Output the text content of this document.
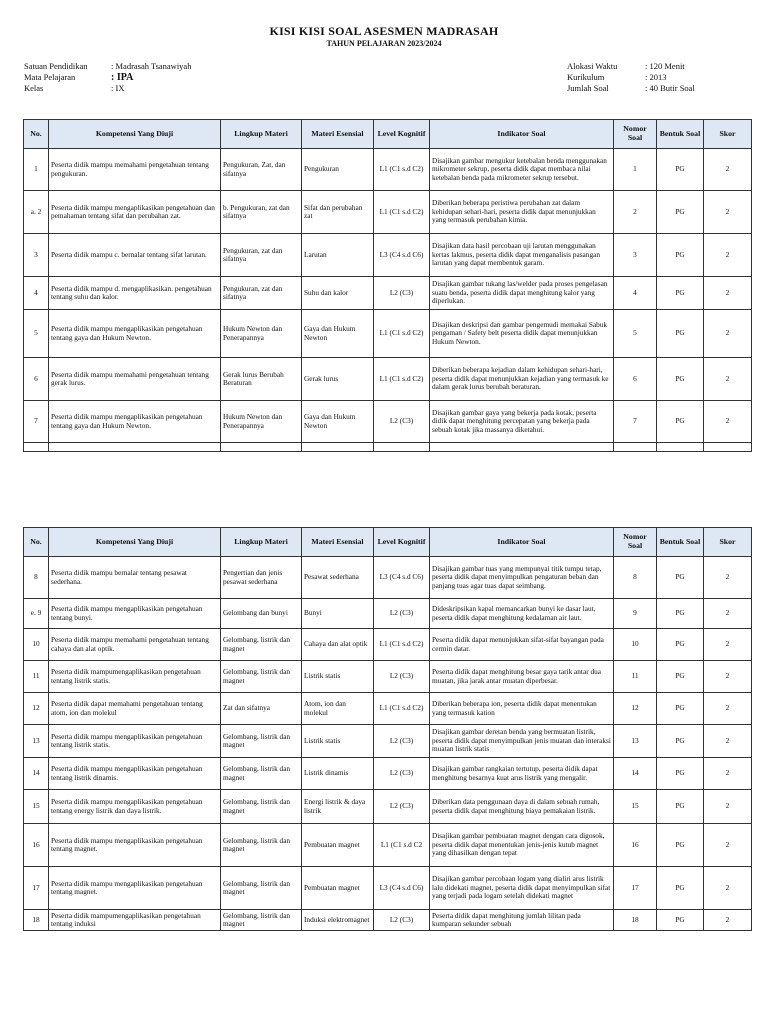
KISI KISI SOAL ASESMEN MADRASAH
TAHUN PELAJARAN 2023/2024
Satuan Pendidikan	: Madrasah Tsanawiyah
Mata Pelajaran	: IPA
Kelas	: IX
Alokasi Waktu	: 120 Menit
Kurikulum	: 2013
Jumlah Soal	: 40 Butir Soal
No.	Kompetensi Yang Diuji	Lingkup Materi	Materi Esensial	Level Kognitif	Indikator Soal	Nomor Soal	Bentuk Soal	Skor

1	Peserta didik mampu memahami pengetahuan tentang pengukuran.	Pengukuran, Zat, dan sifatnya	Pengukuran	L1 (C1 s.d C2)	Disajikan gambar mengukur ketebalan benda menggunakan mikrometer sekrup, peserta didik dapat membaca nilai ketebalan benda pada mikrometer sekrup tersebut.	1	PG	2

a. 2	Peserta didik mampu mengaplikasikan pengetahuan dan pemahaman tentang sifat dan perubahan zat.	b. Pengukuran, zat dan sifatnya	Sifat dan perubahan zat	L1 (C1 s.d C2)	Diberikan beberapa peristiwa perubahan zat dalam kehidupan sehari-hari, peserta didik dapat menunjukkan yang termasuk perubahan kimia.	2	PG	2

3	Peserta didik mampu c. bernalar tentang sifat larutan.	Pengukuran, zat dan sifatnya	Larutan	L3 (C4 s.d C6)	Disajikan data hasil percobaan uji larutan menggunakan kertas lakmus, peserta didik dapat menganalisis pasangan larutan yang dapat membentuk garam.	3	PG	2

4	Peserta didik mampu d. mengaplikasikan. pengetahuan tentang suhu dan kalor.	Pengukuran, zat dan sifatnya	Suhu dan kalor	L2 (C3)	Disajikan gambar tukang las/welder pada proses pengelasan suatu benda, peserta didik dapat menghitung kalor yang diperlukan.	4	PG	2

5	Peserta didik mampu mengaplikasikan pengetahuan tentang gaya dan Hukum Newton.	Hukum Newton dan Penerapannya	Gaya dan Hukum Newton	L1 (C1 s.d C2)	Disajikan deskripsi dan gambar pengemudi memakai Sabuk pengaman / Safety belt peserta didik dapat menunjukkan Hukum Newton.	5	PG	2

6	Peserta didik mampu memahami pengetahuan tentang gerak lurus.	Gerak lurus Berubah Beraturan	Gerak lurus	L1 (C1 s.d C2)	Diberikan beberapa kejadian dalam kehidupan sehari-hari, peserta didik dapat menunjukkan kejadian yang termasuk ke dalam gerak lurus berubah beraturan.	6	PG	2

7	Peserta didik mampu mengaplikasikan pengetahuan tentang gaya dan Hukum Newton.	Hukum Newton dan Penerapannya	Gaya dan Hukum Newton	L2 (C3)	Disajikan gambar gaya yang bekerja pada kotak, peserta didik dapat menghitung percepatan yang bekerja pada sebuah kotak jika massanya diketahui.	7	PG	2

No.	Kompetensi Yang Diuji	Lingkup Materi	Materi Esensial	Level Kognitif	Indikator Soal	Nomor Soal	Bentuk Soal	Skor

8	Peserta didik mampu bernalar tentang pesawat sederhana.	Pengertian dan jenis pesawat sederhana	Pesawat sederhana	L3 (C4 s.d C6)	Disajikan gambar tuas yang mempunyai titik tumpu tetap, peserta didik dapat menyimpulkan pengaturan beban dan panjang tuas agar tuas dapat seimbang.	8	PG	2

e. 9	Peserta didik mampu mengaplikasikan pengetahuan tentang bunyi.	Gelombang dan bunyi	Bunyi	L2 (C3)	Dideskripsikan kapal memancarkan bunyi ke dasar laut, peserta didik dapat menghitung kedalaman air laut.	9	PG	2

10	Peserta didik mampu memahami pengetahuan tentang cahaya dan alat optik.	Gelombang, listrik dan magnet	Cahaya dan alat optik	L1 (C1 s.d C2)	Peserta didik dapat menunjukkan sifat-sifat bayangan pada cermin datar.	10	PG	2

11	Peserta didik mampumengaplikasikan pengetahuan tentang listrik statis.	Gelombang, listrik dan magnet	Listrik statis	L2 (C3)	Peserta didik dapat menghitung besar gaya tarik antar dua muatan, jika jarak antar muatan diperbesar.	11	PG	2

12	Peserta didik dapat memahami pengetahuan tentang atom, ion dan molekul	Zat dan sifatnya	Atom, ion dan molekul	L1 (C1 s.d C2)	Diberikan beberapa ion, peserta didik dapat menentukan yang termasuk kation	12	PG	2

13	Peserta didik mampu mengaplikasikan pengetahuan tentang listrik statis.	Gelombang, listrik dan magnet	Listrik statis	L2 (C3)	Disajikan gambar deretan benda yang bermuatan listrik, peserta didik dapat menyimpulkan jenis muatan dan interaksi muatan listrik statis	13	PG	2

14	Peserta didik mampu mengaplikasikan pengetahuan tentang listrik dinamis.	Gelombang, listrik dan magnet	Listrik dinamis	L2 (C3)	Disajikan gambar rangkaian tertutup, peserta didik dapat menghitung besarnya kuat arus listrik yang mengalir.	14	PG	2

15	Peserta didik mampu mengaplikasikan pengetahuan tentang energy listrik dan daya listrik.	Gelombang, listrik dan magnet	Energi listrik & daya listrik	L2 (C3)	Diberikan data penggunaan daya di dalam sebuah rumah, peserta didik dapat menghitung biaya pemakaian listrik.	15	PG	2

16	Peserta didik mampu mengaplikasikan pengetahuan tentang magnet.	Gelombang, listrik dan magnet	Pembuatan magnet	L1 (C1 s.d C2	Disajikan gambar pembuatan magnet dengan cara digosok, peserta didik dapat menentukan jenis-jenis kutub magnet yang dihasilkan dengan tepat	16	PG	2

17	Peserta didik mampu mengaplikasikan pengetahuan tentang magnet.	Gelombang, listrik dan magnet	Pembuatan magnet	L3 (C4 s.d C6)	Disajikan gambar percobaan logam yang dialiri arus listrik lalu didekati magnet, peserta didik dapat menyimpulkan sifat yang terjadi pada logam setelah didekati magnet	17	PG	2

18	Peserta didik mampumengaplikasikan pengetahuan tentang induksi	Gelombang, listrik dan magnet	Induksi elektromagnet	L2 (C3)	Peserta didik dapat menghitung jumlah lilitan pada kumparan sekunder sebuah	18	PG	2
